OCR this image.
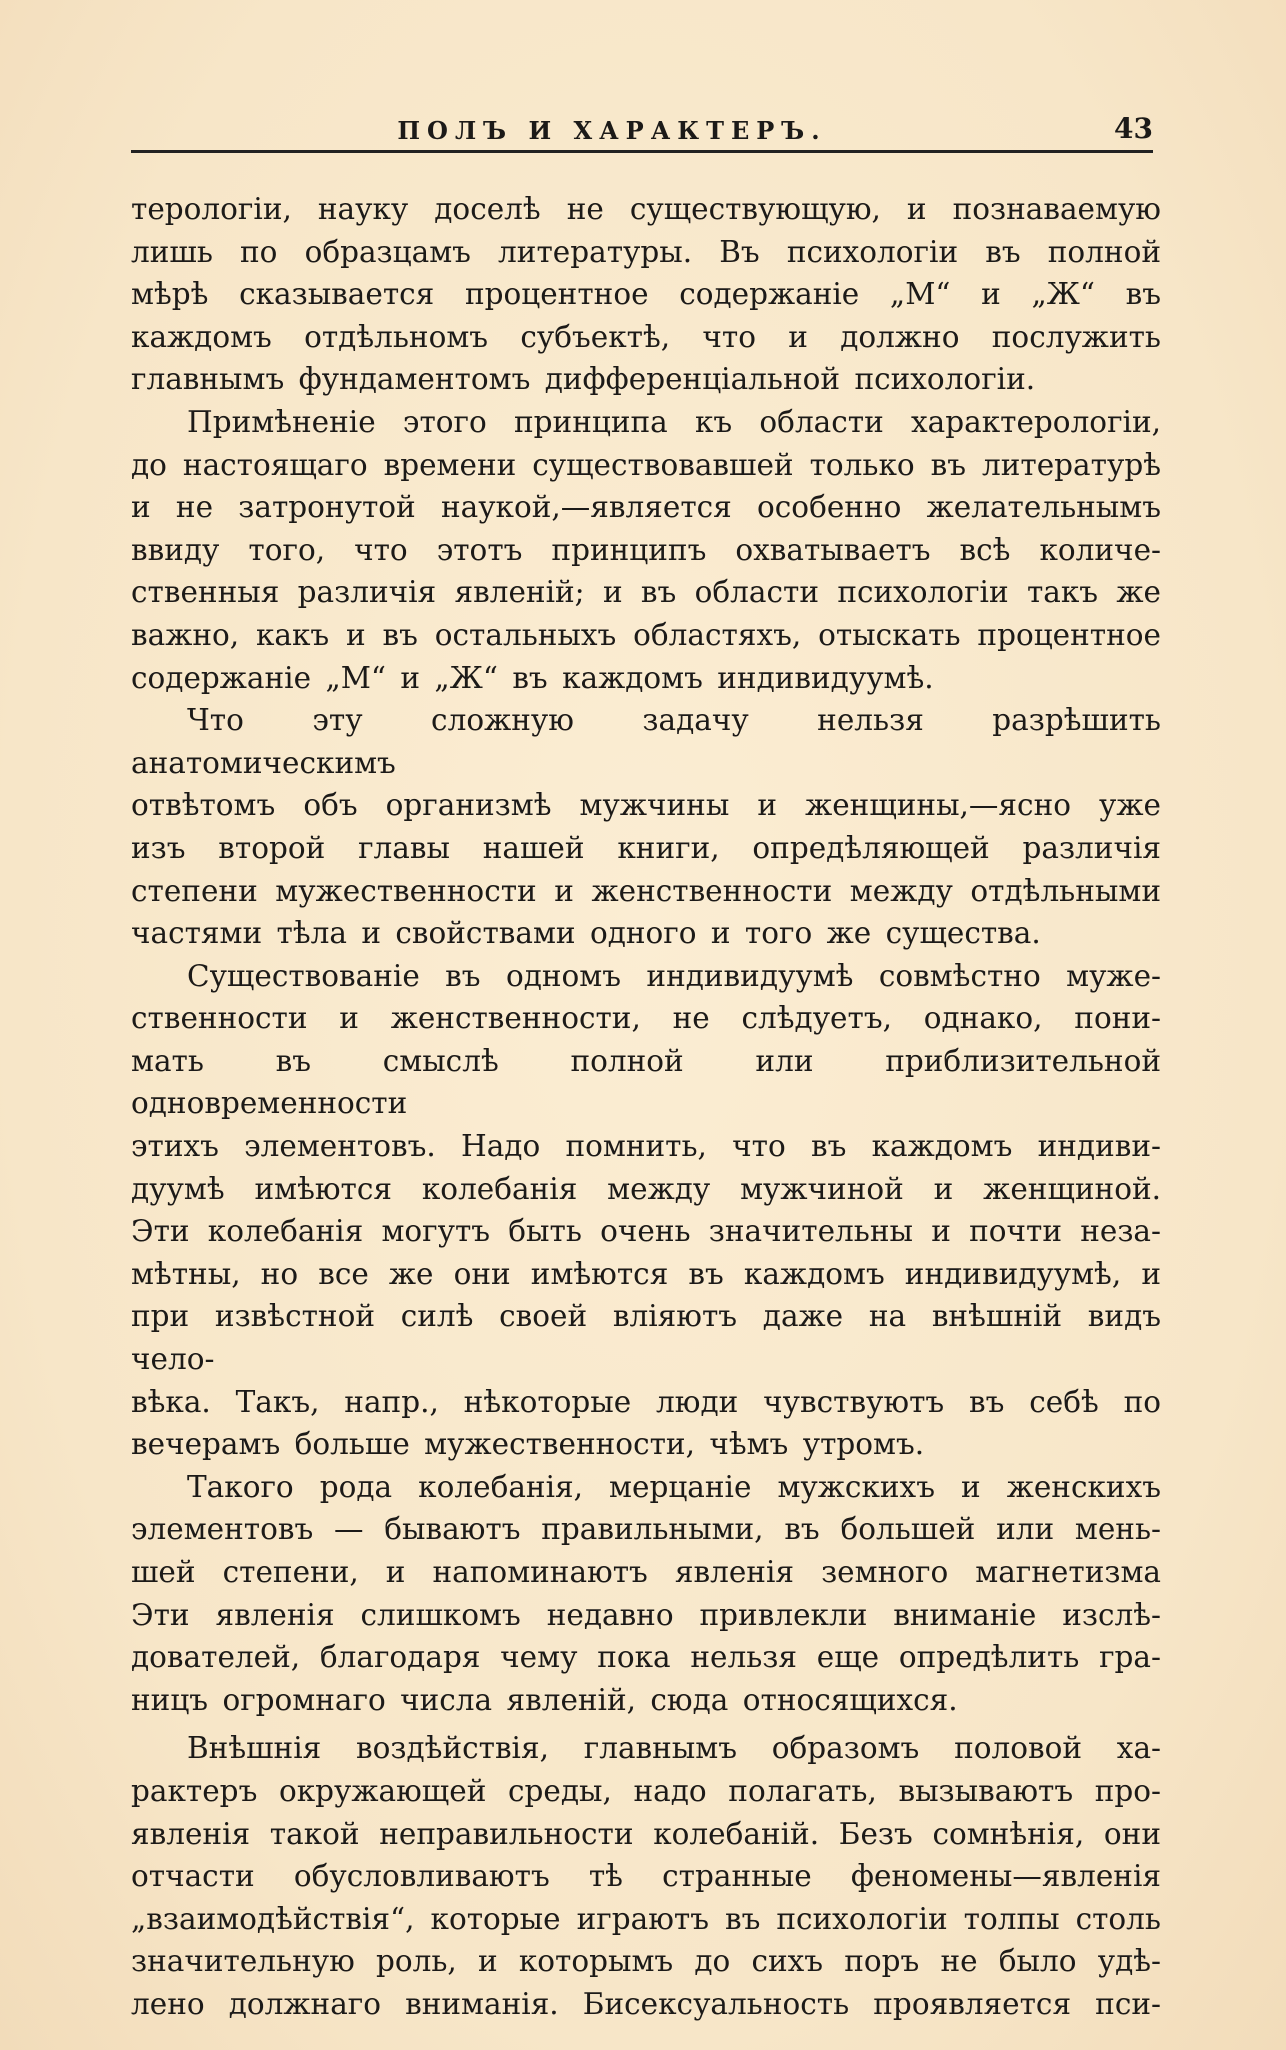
ПОЛЪ И ХАРАКТЕРЪ.	43

терологіи, науку доселѣ не существующую, и познаваемую

лишь по образцамъ литературы. Въ психологіи въ полной

мѣрѣ сказывается процентное содержаніе „М“ и „Ж“ въ

каждомъ отдѣльномъ субъектѣ, что и должно послужить

главнымъ фундаментомъ дифференціальной психологіи.

Примѣненіе этого принципа къ области характерологіи,

до настоящаго времени существовавшей только въ литературѣ

и не затронутой наукой,—является особенно желательнымъ

ввиду того, что этотъ принципъ охватываетъ всѣ количе-

ственныя различія явленій; и въ области психологіи такъ же

важно, какъ и въ остальныхъ областяхъ, отыскать процентное

содержаніе „М“ и „Ж“ въ каждомъ индивидуумѣ.

Что эту сложную задачу нельзя разрѣшить анатомическимъ

отвѣтомъ объ организмѣ мужчины и женщины,—ясно уже

изъ второй главы нашей книги, опредѣляющей различія

степени мужественности и женственности между отдѣльными

частями тѣла и свойствами одного и того же существа.

Существованіе въ одномъ индивидуумѣ совмѣстно муже-

ственности и женственности, не слѣдуетъ, однако, пони-

мать въ смыслѣ полной или приблизительной одновременности

этихъ элементовъ. Надо помнить, что въ каждомъ индиви-

дуумѣ имѣются колебанія между мужчиной и женщиной.

Эти колебанія могутъ быть очень значительны и почти неза-

мѣтны, но все же они имѣются въ каждомъ индивидуумѣ, и

при извѣстной силѣ своей вліяютъ даже на внѣшній видъ чело-

вѣка. Такъ, напр., нѣкоторые люди чувствуютъ въ себѣ по

вечерамъ больше мужественности, чѣмъ утромъ.

Такого рода колебанія, мерцаніе мужскихъ и женскихъ

элементовъ — бываютъ правильными, въ большей или мень-

шей степени, и напоминаютъ явленія земного магнетизма

Эти явленія слишкомъ недавно привлекли вниманіе изслѣ-

дователей, благодаря чему пока нельзя еще опредѣлить гра-

ницъ огромнаго числа явленій, сюда относящихся.

Внѣшнія воздѣйствія, главнымъ образомъ половой ха-

рактеръ окружающей среды, надо полагать, вызываютъ про-

явленія такой неправильности колебаній. Безъ сомнѣнія, они

отчасти обусловливаютъ тѣ странные феномены—явленія

„взаимодѣйствія“, которые играютъ въ психологіи толпы столь

значительную роль, и которымъ до сихъ поръ не было удѣ-

лено должнаго вниманія. Бисексуальность проявляется пси-
